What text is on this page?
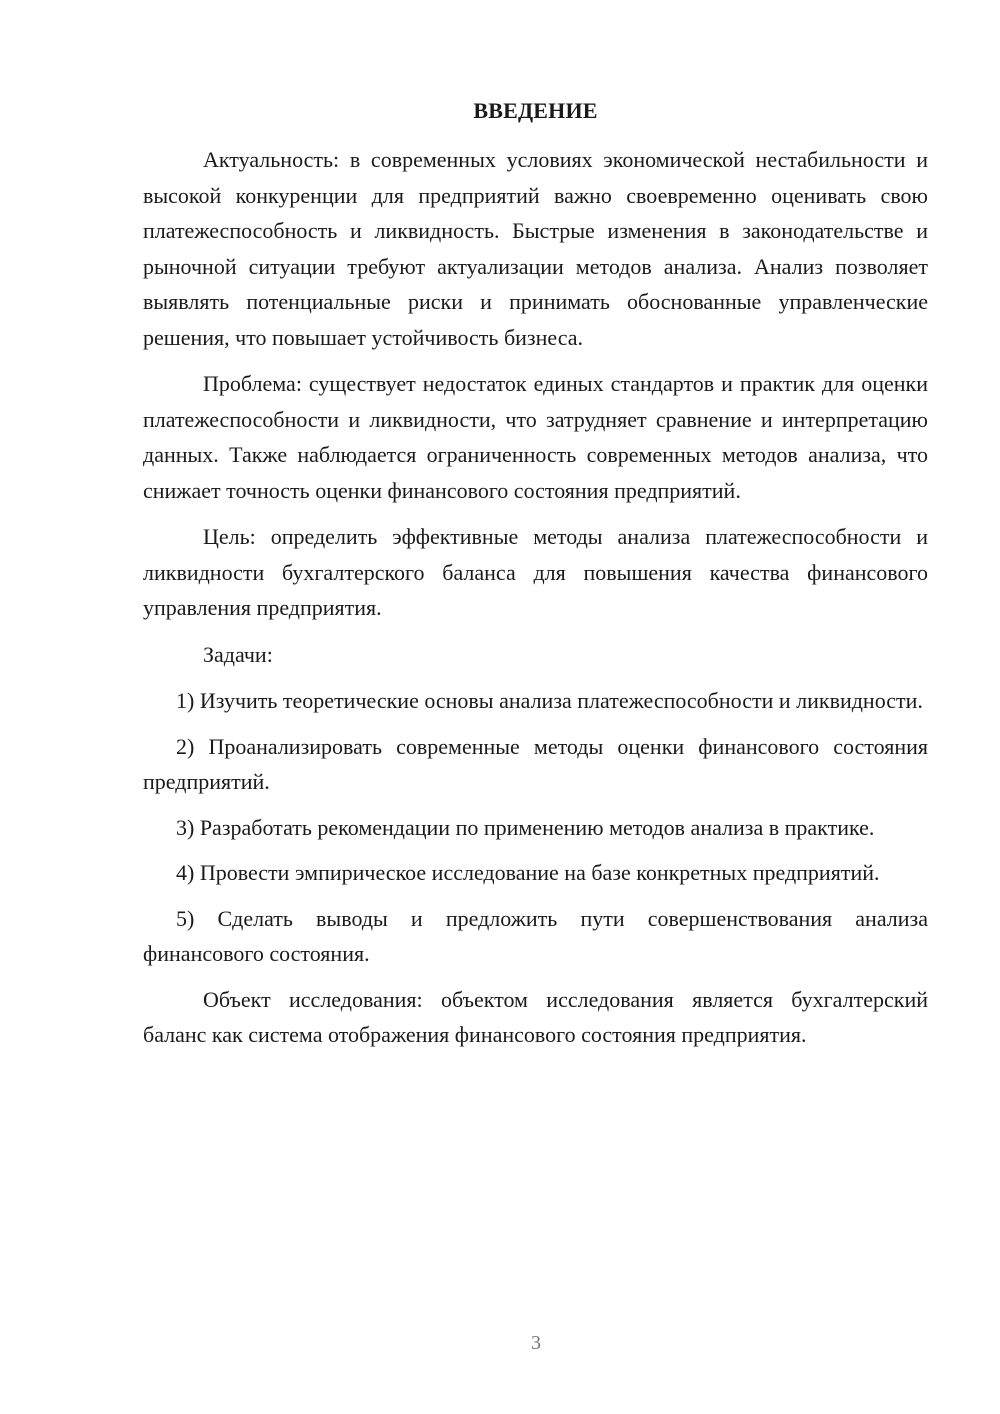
ВВЕДЕНИЕ

Актуальность: в современных условиях экономической нестабильности и высокой конкуренции для предприятий важно своевременно оценивать свою платежеспособность и ликвидность. Быстрые изменения в законодательстве и рыночной ситуации требуют актуализации методов анализа. Анализ позволяет выявлять потенциальные риски и принимать обоснованные управленческие решения, что повышает устойчивость бизнеса.

Проблема: существует недостаток единых стандартов и практик для оценки платежеспособности и ликвидности, что затрудняет сравнение и интерпретацию данных. Также наблюдается ограниченность современных методов анализа, что снижает точность оценки финансового состояния предприятий.

Цель: определить эффективные методы анализа платежеспособности и ликвидности бухгалтерского баланса для повышения качества финансового управления предприятия.

Задачи:

1) Изучить теоретические основы анализа платежеспособности и ликвидности.

2) Проанализировать современные методы оценки финансового состояния предприятий.

3) Разработать рекомендации по применению методов анализа в практике.

4) Провести эмпирическое исследование на базе конкретных предприятий.

5) Сделать выводы и предложить пути совершенствования анализа финансового состояния.

Объект исследования: объектом исследования является бухгалтерский баланс как система отображения финансового состояния предприятия.

3
